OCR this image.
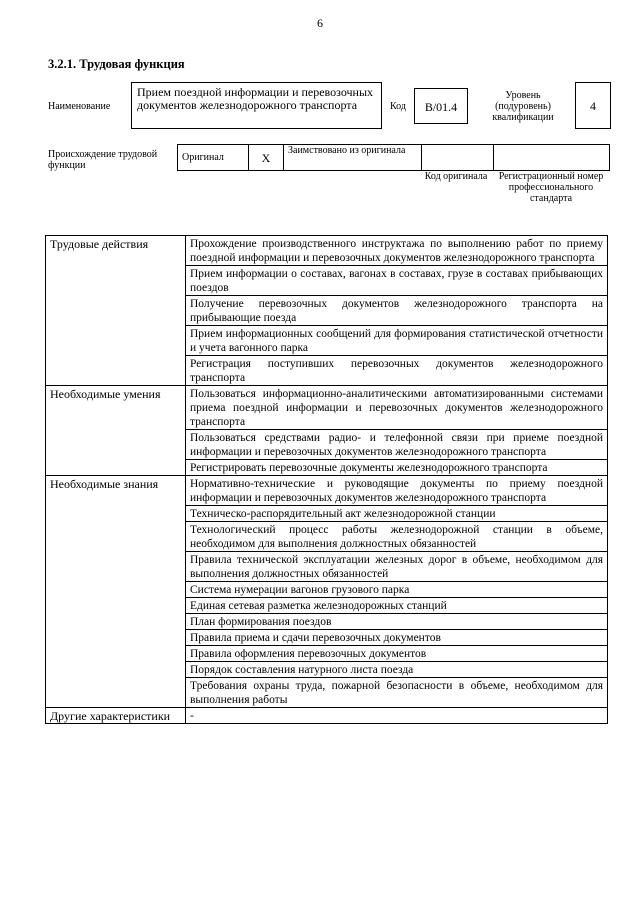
6
3.2.1. Трудовая функция
Наименование
Прием поездной информации и перевозочных документов железнодорожного транспорта	Код	B/01.4
Уровень (подуровень) квалификации
4
Происхождение трудовой функции
Оригинал	X	Заимствовано из оригинала		
Код оригинала	Регистрационный номер профессионального стандарта
Трудовые действия	Прохождение производственного инструктажа по выполнению работ по приему поездной информации и перевозочных документов железнодорожного транспорта
	Прием информации о составах, вагонах в составах, грузе в составах прибывающих поездов
	Получение перевозочных документов железнодорожного транспорта на прибывающие поезда
	Прием информационных сообщений для формирования статистической отчетности и учета вагонного парка
	Регистрация поступивших перевозочных документов железнодорожного транспорта
Необходимые умения	Пользоваться информационно-аналитическими автоматизированными системами приема поездной информации и перевозочных документов железнодорожного транспорта
	Пользоваться средствами радио- и телефонной связи при приеме поездной информации и перевозочных документов железнодорожного транспорта
	Регистрировать перевозочные документы железнодорожного транспорта
Необходимые знания	Нормативно-технические и руководящие документы по приему поездной информации и перевозочных документов железнодорожного транспорта
	Техническо-распорядительный акт железнодорожной станции
	Технологический процесс работы железнодорожной станции в объеме, необходимом для выполнения должностных обязанностей
	Правила технической эксплуатации железных дорог в объеме, необходимом для выполнения должностных обязанностей
	Система нумерации вагонов грузового парка
	Единая сетевая разметка железнодорожных станций
	План формирования поездов
	Правила приема и сдачи перевозочных документов
	Правила оформления перевозочных документов
	Порядок составления натурного листа поезда
	Требования охраны труда, пожарной безопасности в объеме, необходимом для выполнения работы
Другие характеристики	-
